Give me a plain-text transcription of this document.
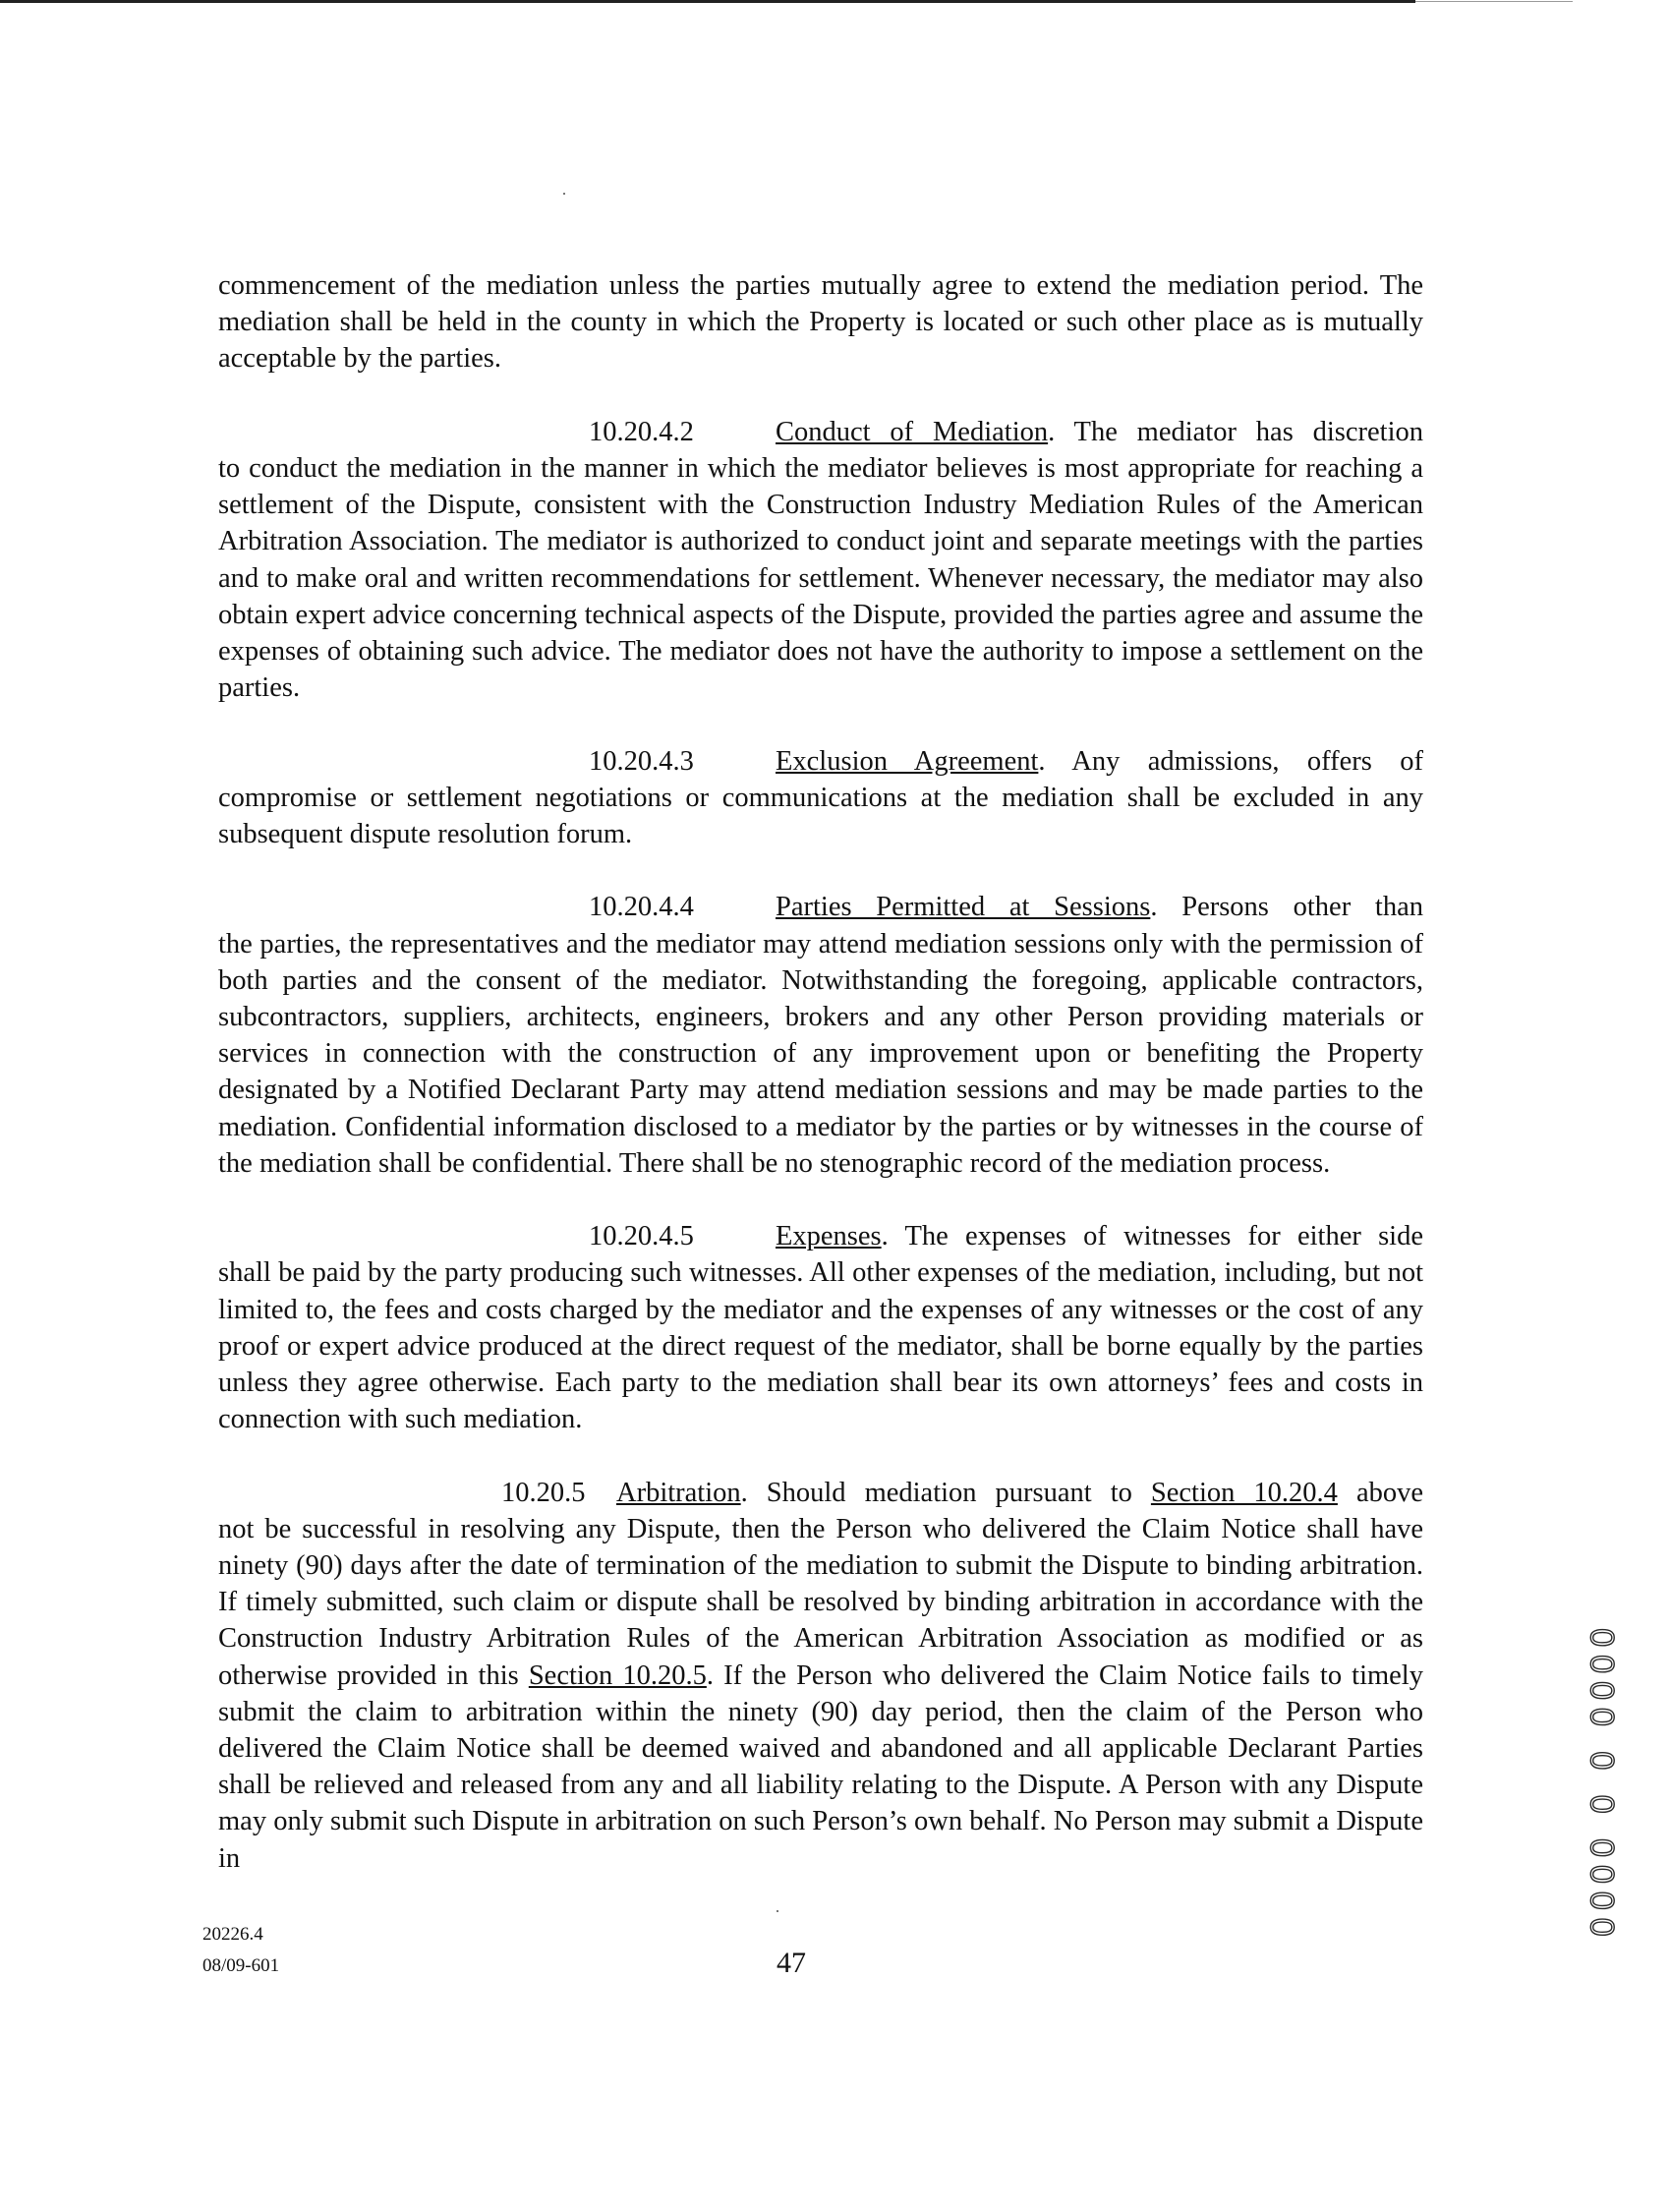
commencement of the mediation unless the parties mutually agree to extend the mediation period. The mediation shall be held in the county in which the Property is located or such other place as is mutually acceptable by the parties.

10.20.4.2	Conduct of Mediation. The mediator has discretion
to conduct the mediation in the manner in which the mediator believes is most appropriate for reaching a settlement of the Dispute, consistent with the Construction Industry Mediation Rules of the American Arbitration Association. The mediator is authorized to conduct joint and separate meetings with the parties and to make oral and written recommendations for settlement. Whenever necessary, the mediator may also obtain expert advice concerning technical aspects of the Dispute, provided the parties agree and assume the expenses of obtaining such advice. The mediator does not have the authority to impose a settlement on the parties.

10.20.4.3	Exclusion Agreement. Any admissions, offers of
compromise or settlement negotiations or communications at the mediation shall be excluded in any subsequent dispute resolution forum.

10.20.4.4	Parties Permitted at Sessions. Persons other than
the parties, the representatives and the mediator may attend mediation sessions only with the permission of both parties and the consent of the mediator. Notwithstanding the foregoing, applicable contractors, subcontractors, suppliers, architects, engineers, brokers and any other Person providing materials or services in connection with the construction of any improvement upon or benefiting the Property designated by a Notified Declarant Party may attend mediation sessions and may be made parties to the mediation. Confidential information disclosed to a mediator by the parties or by witnesses in the course of the mediation shall be confidential. There shall be no stenographic record of the mediation process.

10.20.4.5	Expenses. The expenses of witnesses for either side
shall be paid by the party producing such witnesses. All other expenses of the mediation, including, but not limited to, the fees and costs charged by the mediator and the expenses of any witnesses or the cost of any proof or expert advice produced at the direct request of the mediator, shall be borne equally by the parties unless they agree otherwise. Each party to the mediation shall bear its own attorneys’ fees and costs in connection with such mediation.

10.20.5 Arbitration. Should mediation pursuant to Section 10.20.4 above
not be successful in resolving any Dispute, then the Person who delivered the Claim Notice shall have ninety (90) days after the date of termination of the mediation to submit the Dispute to binding arbitration. If timely submitted, such claim or dispute shall be resolved by binding arbitration in accordance with the Construction Industry Arbitration Rules of the American Arbitration Association as modified or as otherwise provided in this Section 10.20.5. If the Person who delivered the Claim Notice fails to timely submit the claim to arbitration within the ninety (90) day period, then the claim of the Person who delivered the Claim Notice shall be deemed waived and abandoned and all applicable Declarant Parties shall be relieved and released from any and all liability relating to the Dispute. A Person with any Dispute may only submit such Dispute in arbitration on such Person’s own behalf. No Person may submit a Dispute in

20226.4
08/09-601	47
0000 0 0 0000
